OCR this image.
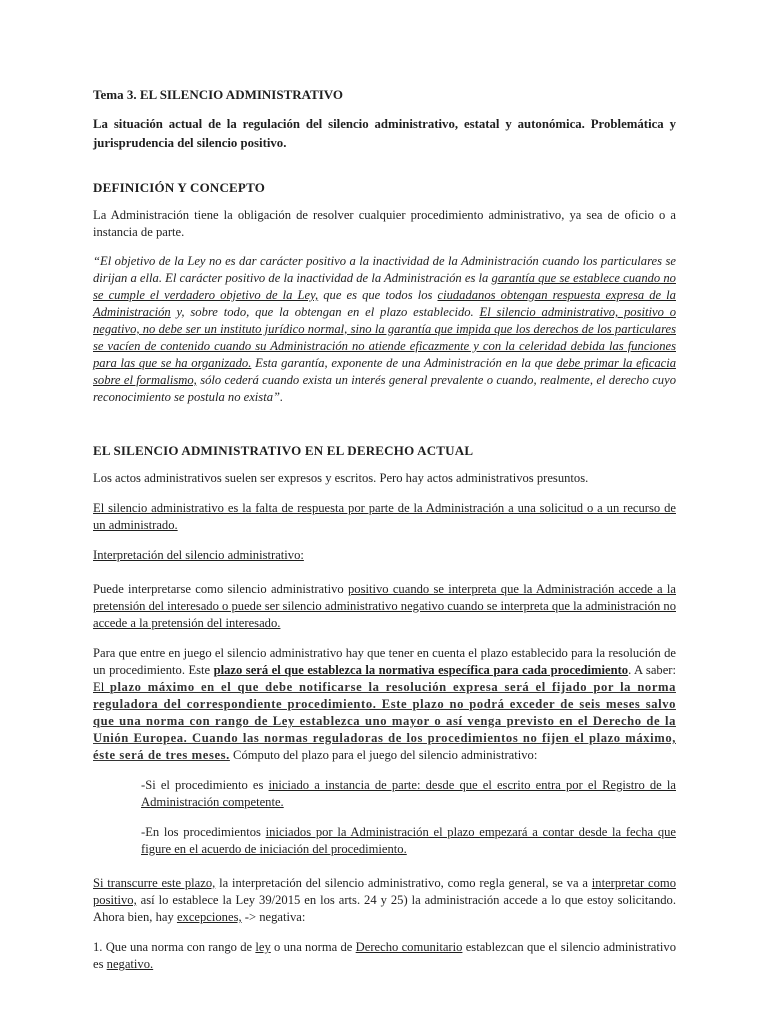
Tema 3. EL SILENCIO ADMINISTRATIVO

La situación actual de la regulación del silencio administrativo, estatal y autonómica. Problemática y jurisprudencia del silencio positivo.

DEFINICIÓN Y CONCEPTO

La Administración tiene la obligación de resolver cualquier procedimiento administrativo, ya sea de oficio o a instancia de parte.

“El objetivo de la Ley no es dar carácter positivo a la inactividad de la Administración cuando los particulares se dirijan a ella. El carácter positivo de la inactividad de la Administración es la garantía que se establece cuando no se cumple el verdadero objetivo de la Ley, que es que todos los ciudadanos obtengan respuesta expresa de la Administración y, sobre todo, que la obtengan en el plazo establecido. El silencio administrativo, positivo o negativo, no debe ser un instituto jurídico normal, sino la garantía que impida que los derechos de los particulares se vacíen de contenido cuando su Administración no atiende eficazmente y con la celeridad debida las funciones para las que se ha organizado. Esta garantía, exponente de una Administración en la que debe primar la eficacia sobre el formalismo, sólo cederá cuando exista un interés general prevalente o cuando, realmente, el derecho cuyo reconocimiento se postula no exista”.

EL SILENCIO ADMINISTRATIVO EN EL DERECHO ACTUAL

Los actos administrativos suelen ser expresos y escritos. Pero hay actos administrativos presuntos.

El silencio administrativo es la falta de respuesta por parte de la Administración a una solicitud o a un recurso de un administrado.

Interpretación del silencio administrativo:

Puede interpretarse como silencio administrativo positivo cuando se interpreta que la Administración accede a la pretensión del interesado o puede ser silencio administrativo negativo cuando se interpreta que la administración no accede a la pretensión del interesado.

Para que entre en juego el silencio administrativo hay que tener en cuenta el plazo establecido para la resolución de un procedimiento. Este plazo será el que establezca la normativa específica para cada procedimiento. A saber: El plazo máximo en el que debe notificarse la resolución expresa será el fijado por la norma reguladora del correspondiente procedimiento. Este plazo no podrá exceder de seis meses salvo que una norma con rango de Ley establezca uno mayor o así venga previsto en el Derecho de la Unión Europea. Cuando las normas reguladoras de los procedimientos no fijen el plazo máximo, éste será de tres meses. Cómputo del plazo para el juego del silencio administrativo:

-Si el procedimiento es iniciado a instancia de parte: desde que el escrito entra por el Registro de la Administración competente.

-En los procedimientos iniciados por la Administración el plazo empezará a contar desde la fecha que figure en el acuerdo de iniciación del procedimiento.

Si transcurre este plazo, la interpretación del silencio administrativo, como regla general, se va a interpretar como positivo, así lo establece la Ley 39/2015 en los arts. 24 y 25) la administración accede a lo que estoy solicitando. Ahora bien, hay excepciones, -> negativa:

1. Que una norma con rango de ley o una norma de Derecho comunitario establezcan que el silencio administrativo es negativo.
